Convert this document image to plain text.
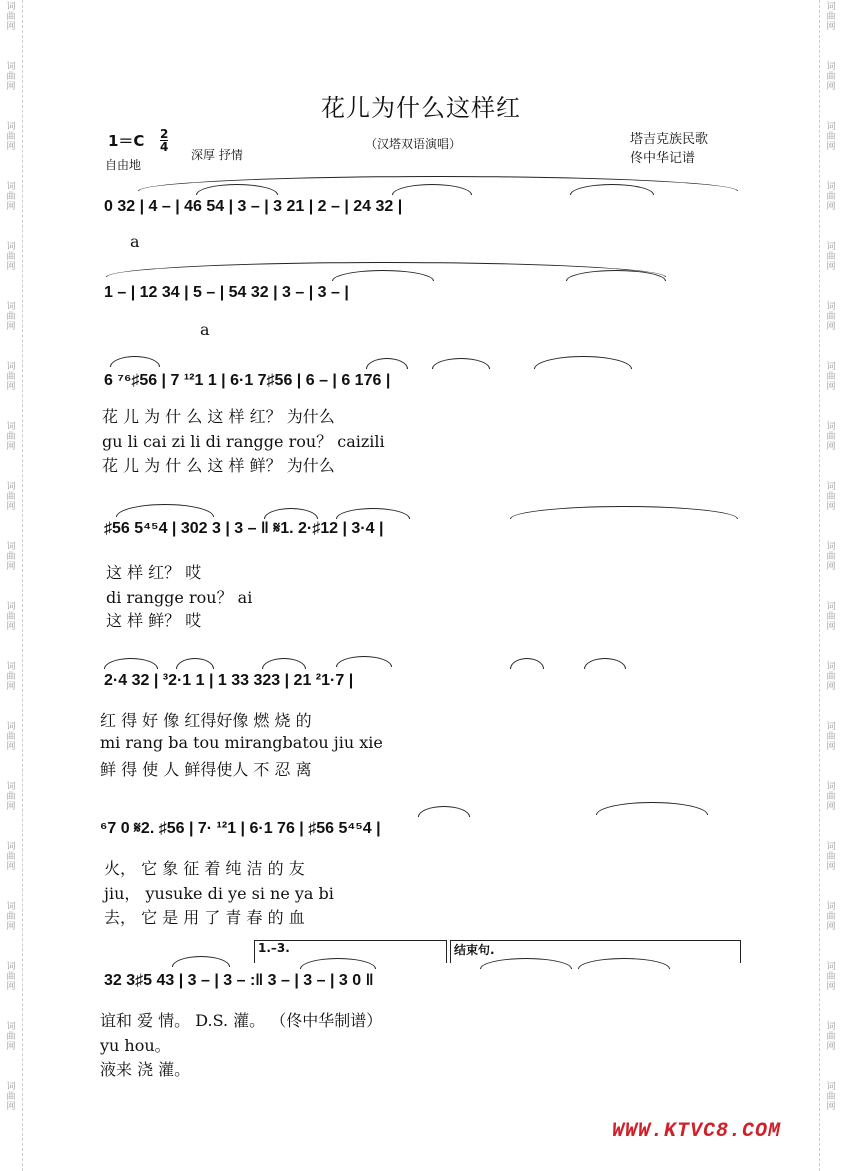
词
曲
网
词
曲
网
词
曲
网
词
曲
网
词
曲
网
词
曲
网
词
曲
网
词
曲
网
词
曲
网
词
曲
网
词
曲
网
词
曲
网
词
曲
网
词
曲
网
词
曲
网
词
曲
网
词
曲
网
词
曲
网
词
曲
网
词
曲
网
词
曲
网
词
曲
网
词
曲
网
词
曲
网
词
曲
网
词
曲
网
词
曲
网
词
曲
网
词
曲
网
词
曲
网
词
曲
网
词
曲
网
词
曲
网
词
曲
网
词
曲
网
词
曲
网
词
曲
网
词
曲
网
花儿为什么这样红
1＝C 2
4
自由地
深厚 抒情
（汉塔双语演唱）	塔吉克族民歌
佟中华记谱
0 32 | 4 – | 46 54 | 3 – | 3 21 | 2 – | 24 32 |
a
1 – | 12 34 | 5 – | 54 32 | 3 – | 3 – |
a
6 ⁷⁶♯56 | 7 ¹²1 1 | 6·1 7♯56 | 6 – | 6 176 |
花 儿 为 什 么 这 样 红？ 为什么
gu li cai zi li di rangge rou？ caizili
花 儿 为 什 么 这 样 鲜？ 为什么
♯56 5⁴⁵4 | 302 3 | 3 – ‖ 𝄋1. 2·♯12 | 3·4 |
这 样 红？ 哎
di rangge rou？ ai
这 样 鲜？ 哎
2·4 32 | ³2·1 1 | 1 33 323 | 21 ²1·7 |
红 得 好 像 红得好像 燃 烧 的
mi rang ba tou mirangbatou jiu xie
鲜 得 使 人 鲜得使人 不 忍 离
⁶7 0 𝄋2. ♯56 | 7· ¹²1 | 6·1 76 | ♯56 5⁴⁵4 |
火， 它 象 征 着 纯 洁 的 友
jiu， yusuke di ye si ne ya bi
去， 它 是 用 了 青 春 的 血
1.–3.	结束句.
32 3♯5 43 | 3 – | 3 – :‖ 3 – | 3 – | 3 0 ‖
谊和 爱 情。 D.S. 灌。 （佟中华制谱）
yu hou。
液来 浇 灌。
WWW.KTVC8.COM
